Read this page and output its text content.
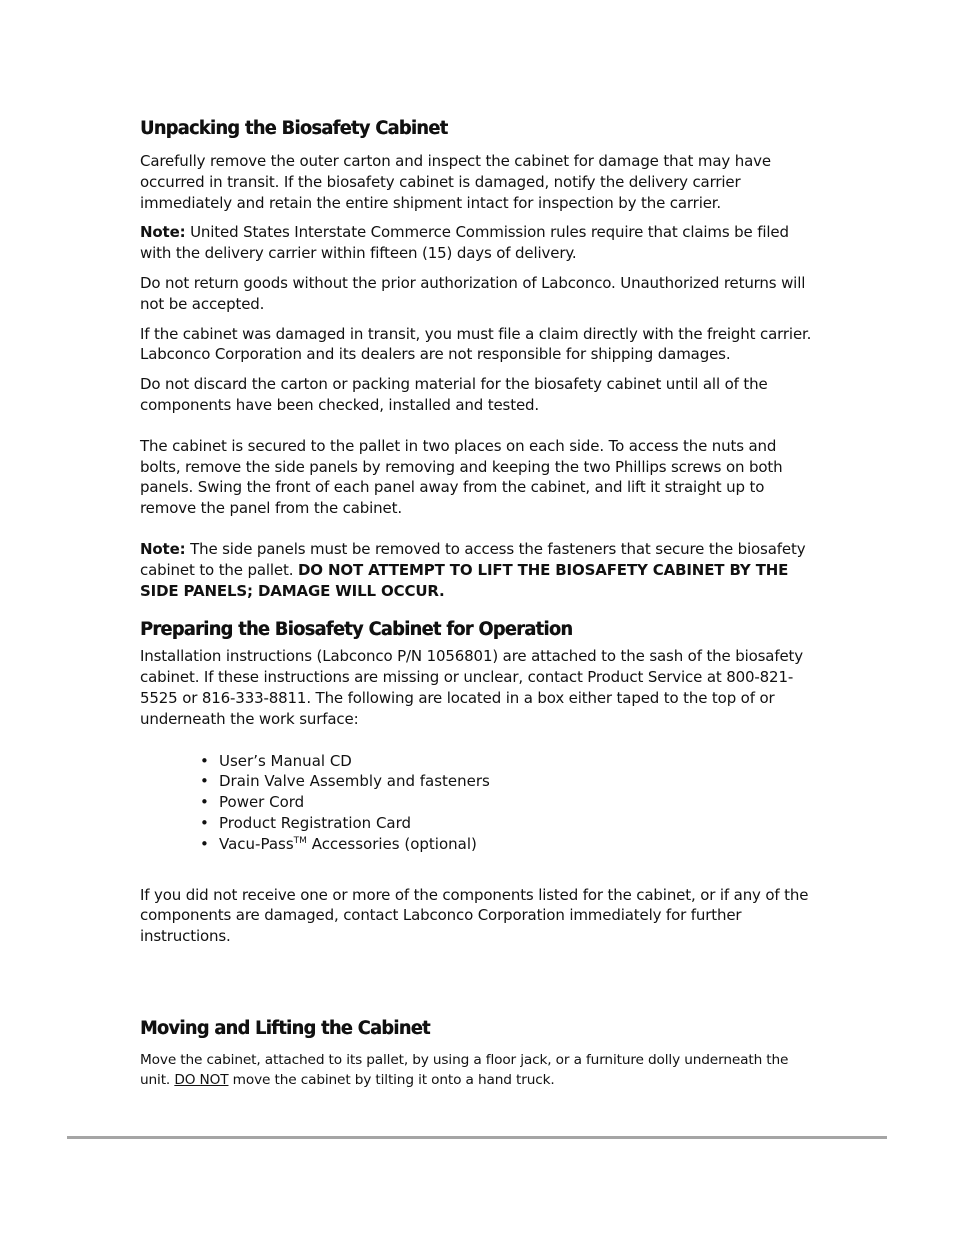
Unpacking the Biosafety Cabinet

Carefully remove the outer carton and inspect the cabinet for damage that may have occurred in transit. If the biosafety cabinet is damaged, notify the delivery carrier immediately and retain the entire shipment intact for inspection by the carrier.

Note: United States Interstate Commerce Commission rules require that claims be filed with the delivery carrier within fifteen (15) days of delivery.

Do not return goods without the prior authorization of Labconco. Unauthorized returns will not be accepted.

If the cabinet was damaged in transit, you must file a claim directly with the freight carrier. Labconco Corporation and its dealers are not responsible for shipping damages.

Do not discard the carton or packing material for the biosafety cabinet until all of the components have been checked, installed and tested.

The cabinet is secured to the pallet in two places on each side. To access the nuts and bolts, remove the side panels by removing and keeping the two Phillips screws on both panels. Swing the front of each panel away from the cabinet, and lift it straight up to remove the panel from the cabinet.

Note: The side panels must be removed to access the fasteners that secure the biosafety cabinet to the pallet. DO NOT ATTEMPT TO LIFT THE BIOSAFETY CABINET BY THE SIDE PANELS; DAMAGE WILL OCCUR.

Preparing the Biosafety Cabinet for Operation

Installation instructions (Labconco P/N 1056801) are attached to the sash of the biosafety cabinet. If these instructions are missing or unclear, contact Product Service at 800-821-5525 or 816-333-8811. The following are located in a box either taped to the top of or underneath the work surface:

• User’s Manual CD
• Drain Valve Assembly and fasteners
• Power Cord
• Product Registration Card
• Vacu-Pass™ Accessories (optional)

If you did not receive one or more of the components listed for the cabinet, or if any of the components are damaged, contact Labconco Corporation immediately for further instructions.

Moving and Lifting the Cabinet

Move the cabinet, attached to its pallet, by using a floor jack, or a furniture dolly underneath the unit. DO NOT move the cabinet by tilting it onto a hand truck.
